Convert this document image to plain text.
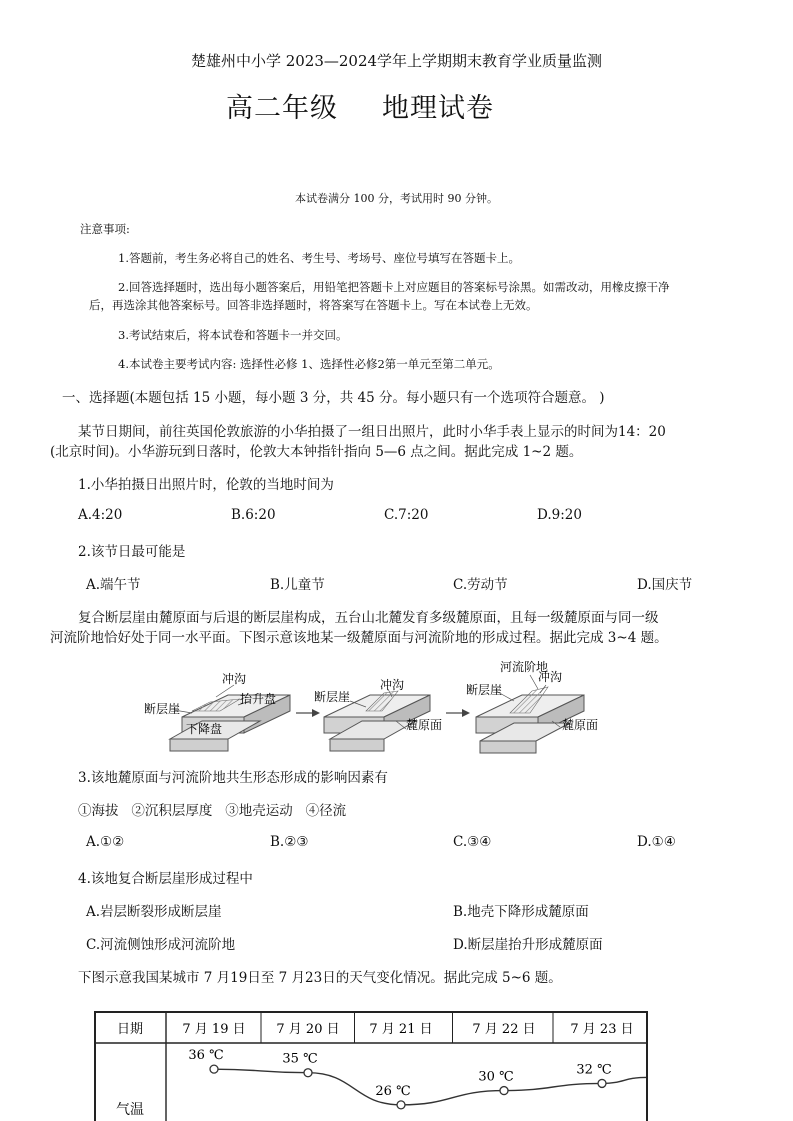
楚雄州中小学 2023—2024学年上学期期末教育学业质量监测
高二年级 地理试卷
本试卷满分 100 分，考试用时 90 分钟。
注意事项:
1.答题前，考生务必将自己的姓名、考生号、考场号、座位号填写在答题卡上。
2.回答选择题时，选出每小题答案后，用铅笔把答题卡上对应题目的答案标号涂黑。如需改动，用橡皮擦干净
后，再选涂其他答案标号。回答非选择题时，将答案写在答题卡上。写在本试卷上无效。
3.考试结束后，将本试卷和答题卡一并交回。
4.本试卷主要考试内容: 选择性必修 1、选择性必修2第一单元至第二单元。
一、选择题(本题包括 15 小题，每小题 3 分，共 45 分。每小题只有一个选项符合题意。 )
某节日期间，前往英国伦敦旅游的小华拍摄了一组日出照片，此时小华手表上显示的时间为14：20
(北京时间)。小华游玩到日落时，伦敦大本钟指针指向 5—6 点之间。据此完成 1~2 题。
1.小华拍摄日出照片时，伦敦的当地时间为
A.4:20	B.6:20	C.7:20	D.9:20
2.该节日最可能是
A.端午节	B.儿童节	C.劳动节	D.国庆节
复合断层崖由麓原面与后退的断层崖构成，五台山北麓发育多级麓原面，且每一级麓原面与同一级
河流阶地恰好处于同一水平面。下图示意该地某一级麓原面与河流阶地的形成过程。据此完成 3~4 题。
断层崖
冲沟
抬升盘
下降盘
断层崖
冲沟
麓原面
河流阶地
断层崖
冲沟
麓原面
3.该地麓原面与河流阶地共生形态形成的影响因素有
①海拔   ②沉积层厚度   ③地壳运动   ④径流
A.①②	B.②③	C.③④	D.①④
4.该地复合断层崖形成过程中
A.岩层断裂形成断层崖	B.地壳下降形成麓原面
C.河流侧蚀形成河流阶地	D.断层崖抬升形成麓原面
下图示意我国某城市 7 月19日至 7 月23日的天气变化情况。据此完成 5~6 题。
日期
气温
7 月 19 日 7 月 20 日 7 月 21 日	7 月 22 日	7 月 23 日
36 ℃	35 ℃
26 ℃
30 ℃	32 ℃
